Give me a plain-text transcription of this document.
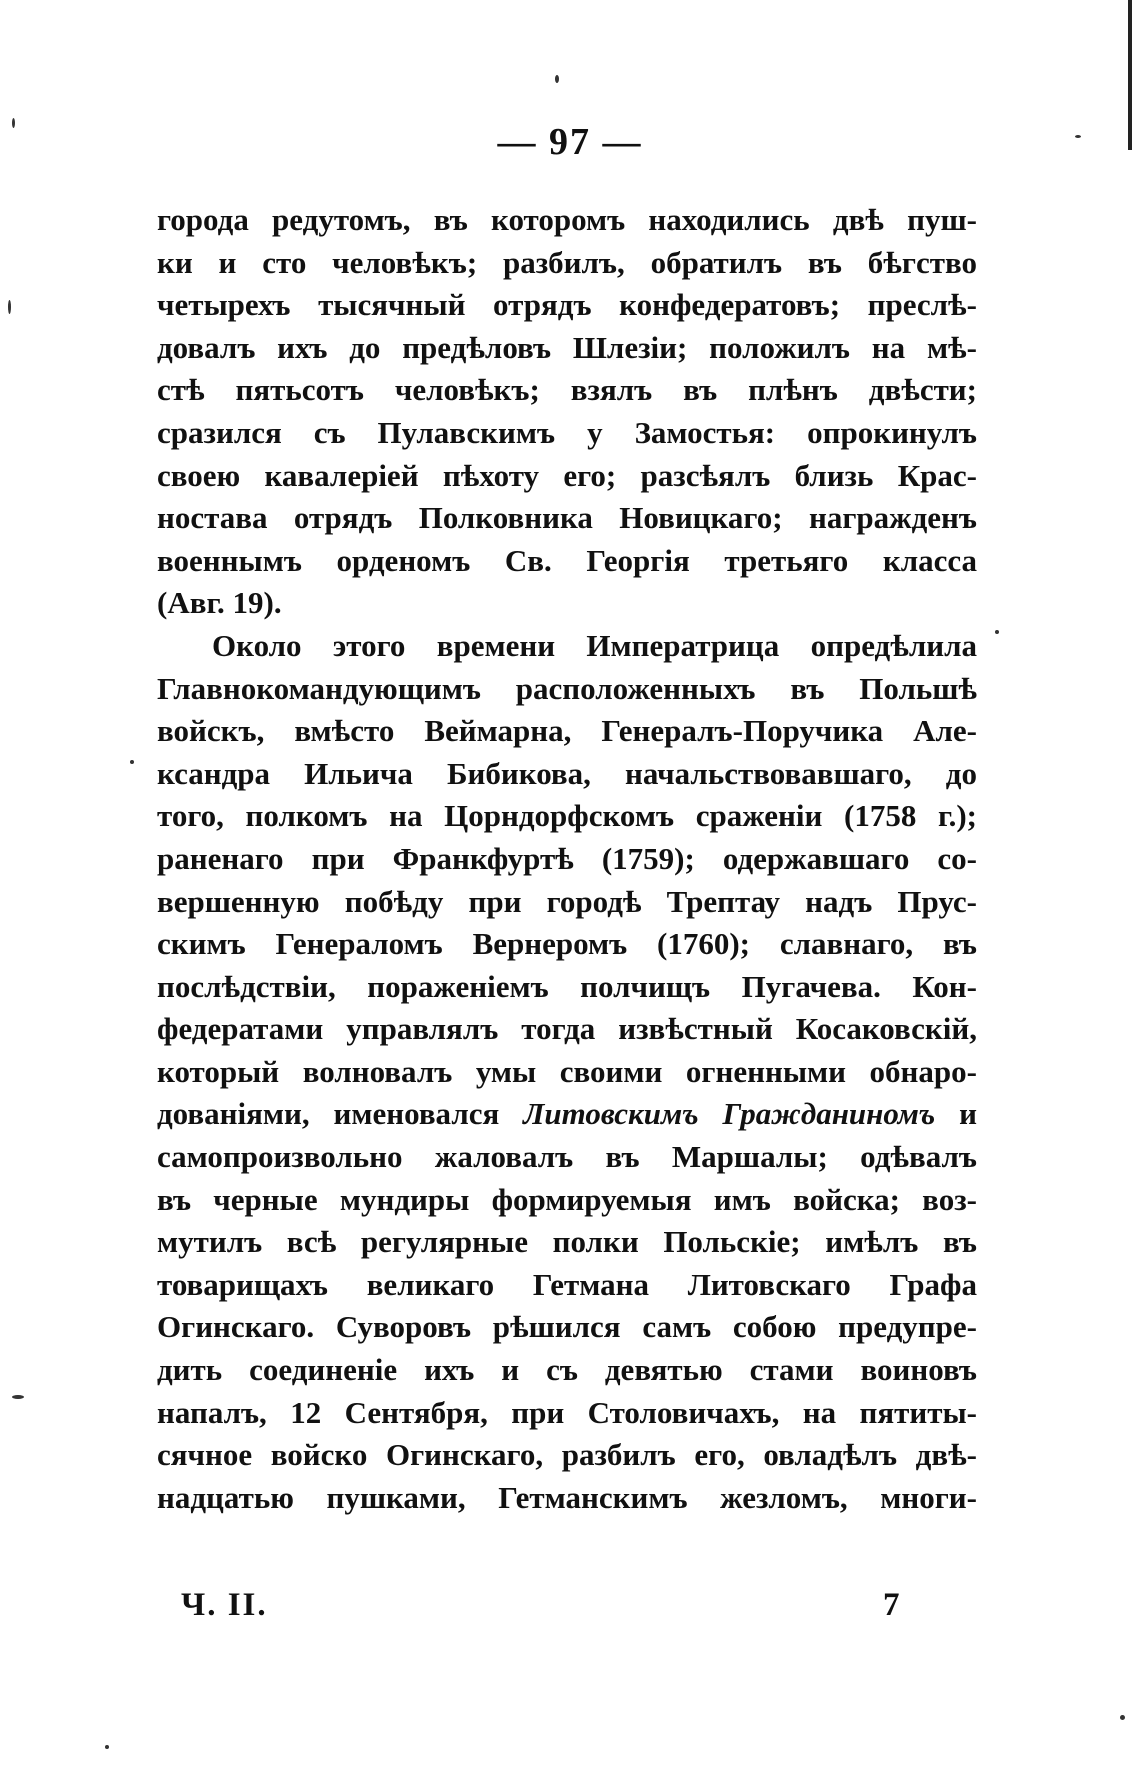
— 97 —
города редутомъ, въ которомъ находились двѣ пуш-
ки и сто человѣкъ; разбилъ, обратилъ въ бѣгство
четырехъ тысячный отрядъ конфедератовъ; преслѣ-
довалъ ихъ до предѣловъ Шлезіи; положилъ на мѣ-
стѣ пятьсотъ человѣкъ; взялъ въ плѣнъ двѣсти;
сразился съ Пулавскимъ у Замостья: опрокинулъ
своею кавалеріей пѣхоту его; разсѣялъ близь Крас-
ностава отрядъ Полковника Новицкаго; награжденъ
военнымъ орденомъ Св. Георгія третьяго класса
(Авг. 19).
Около этого времени Императрица опредѣлила
Главнокомандующимъ расположенныхъ въ Польшѣ
войскъ, вмѣсто Веймарна, Генералъ-Поручика Але-
ксандра Ильича Бибикова, начальствовавшаго, до
того, полкомъ на Цорндорфскомъ сраженіи (1758 г.);
раненаго при Франкфуртѣ (1759); одержавшаго со-
вершенную побѣду при городѣ Трептау надъ Прус-
скимъ Генераломъ Вернеромъ (1760); славнаго, въ
послѣдствіи, пораженіемъ полчищъ Пугачева. Кон-
федератами управлялъ тогда извѣстный Косаковскій,
который волновалъ умы своими огненными обнаро-
дованіями, именовался Литовскимъ Гражданиномъ и
самопроизвольно жаловалъ въ Маршалы; одѣвалъ
въ черные мундиры формируемыя имъ войска; воз-
мутилъ всѣ регулярные полки Польскіе; имѣлъ въ
товарищахъ великаго Гетмана Литовскаго Графа
Огинскаго. Суворовъ рѣшился самъ собою предупре-
дить соединеніе ихъ и съ девятью стами воиновъ
напалъ, 12 Сентября, при Столовичахъ, на пятиты-
сячное войско Огинскаго, разбилъ его, овладѣлъ двѣ-
надцатью пушками, Гетманскимъ жезломъ, многи-
Ч. II.	7
